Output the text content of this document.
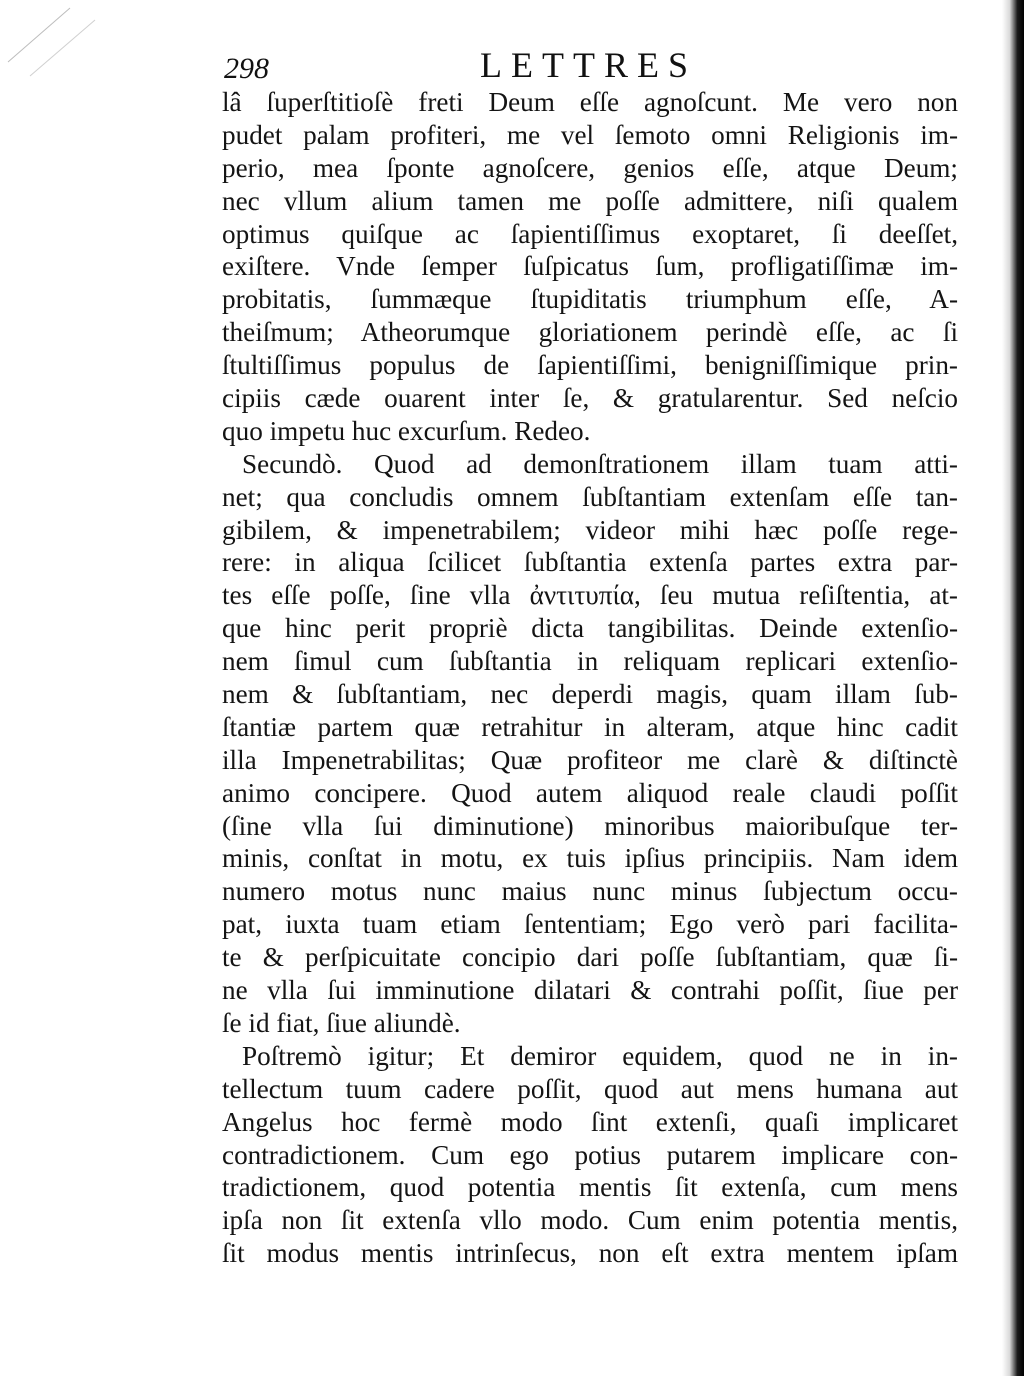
298	LETTRES
lâ ſuperſtitioſè freti Deum eſſe agnoſcunt. Me vero non
pudet palam profiteri, me vel ſemoto omni Religionis im-
perio, mea ſponte agnoſcere, genios eſſe, atque Deum;
nec vllum alium tamen me poſſe admittere, niſi qualem
optimus quiſque ac ſapientiſſimus exoptaret, ſi deeſſet,
exiſtere. Vnde ſemper ſuſpicatus ſum, profligatiſſimæ im-
probitatis, ſummæque ſtupiditatis triumphum eſſe, A-
theiſmum; Atheorumque gloriationem perindè eſſe, ac ſi
ſtultiſſimus populus de ſapientiſſimi, benigniſſimique prin-
cipiis cæde ouarent inter ſe, & gratularentur. Sed neſcio
quo impetu huc excurſum. Redeo.
Secundò. Quod ad demonſtrationem illam tuam atti-
net; qua concludis omnem ſubſtantiam extenſam eſſe tan-
gibilem, & impenetrabilem; videor mihi hæc poſſe rege-
rere: in aliqua ſcilicet ſubſtantia extenſa partes extra par-
tes eſſe poſſe, ſine vlla ἀντιτυπία, ſeu mutua reſiſtentia, at-
que hinc perit propriè dicta tangibilitas. Deinde extenſio-
nem ſimul cum ſubſtantia in reliquam replicari extenſio-
nem & ſubſtantiam, nec deperdi magis, quam illam ſub-
ſtantiæ partem quæ retrahitur in alteram, atque hinc cadit
illa Impenetrabilitas; Quæ profiteor me clarè & diſtinctè
animo concipere. Quod autem aliquod reale claudi poſſit
(ſine vlla ſui diminutione) minoribus maioribuſque ter-
minis, conſtat in motu, ex tuis ipſius principiis. Nam idem
numero motus nunc maius nunc minus ſubjectum occu-
pat, iuxta tuam etiam ſententiam; Ego verò pari facilita-
te & perſpicuitate concipio dari poſſe ſubſtantiam, quæ ſi-
ne vlla ſui imminutione dilatari & contrahi poſſit, ſiue per
ſe id fiat, ſiue aliundè.
Poſtremò igitur; Et demiror equidem, quod ne in in-
tellectum tuum cadere poſſit, quod aut mens humana aut
Angelus hoc fermè modo ſint extenſi, quaſi implicaret
contradictionem. Cum ego potius putarem implicare con-
tradictionem, quod potentia mentis ſit extenſa, cum mens
ipſa non ſit extenſa vllo modo. Cum enim potentia mentis,
ſit modus mentis intrinſecus, non eſt extra mentem ipſam
